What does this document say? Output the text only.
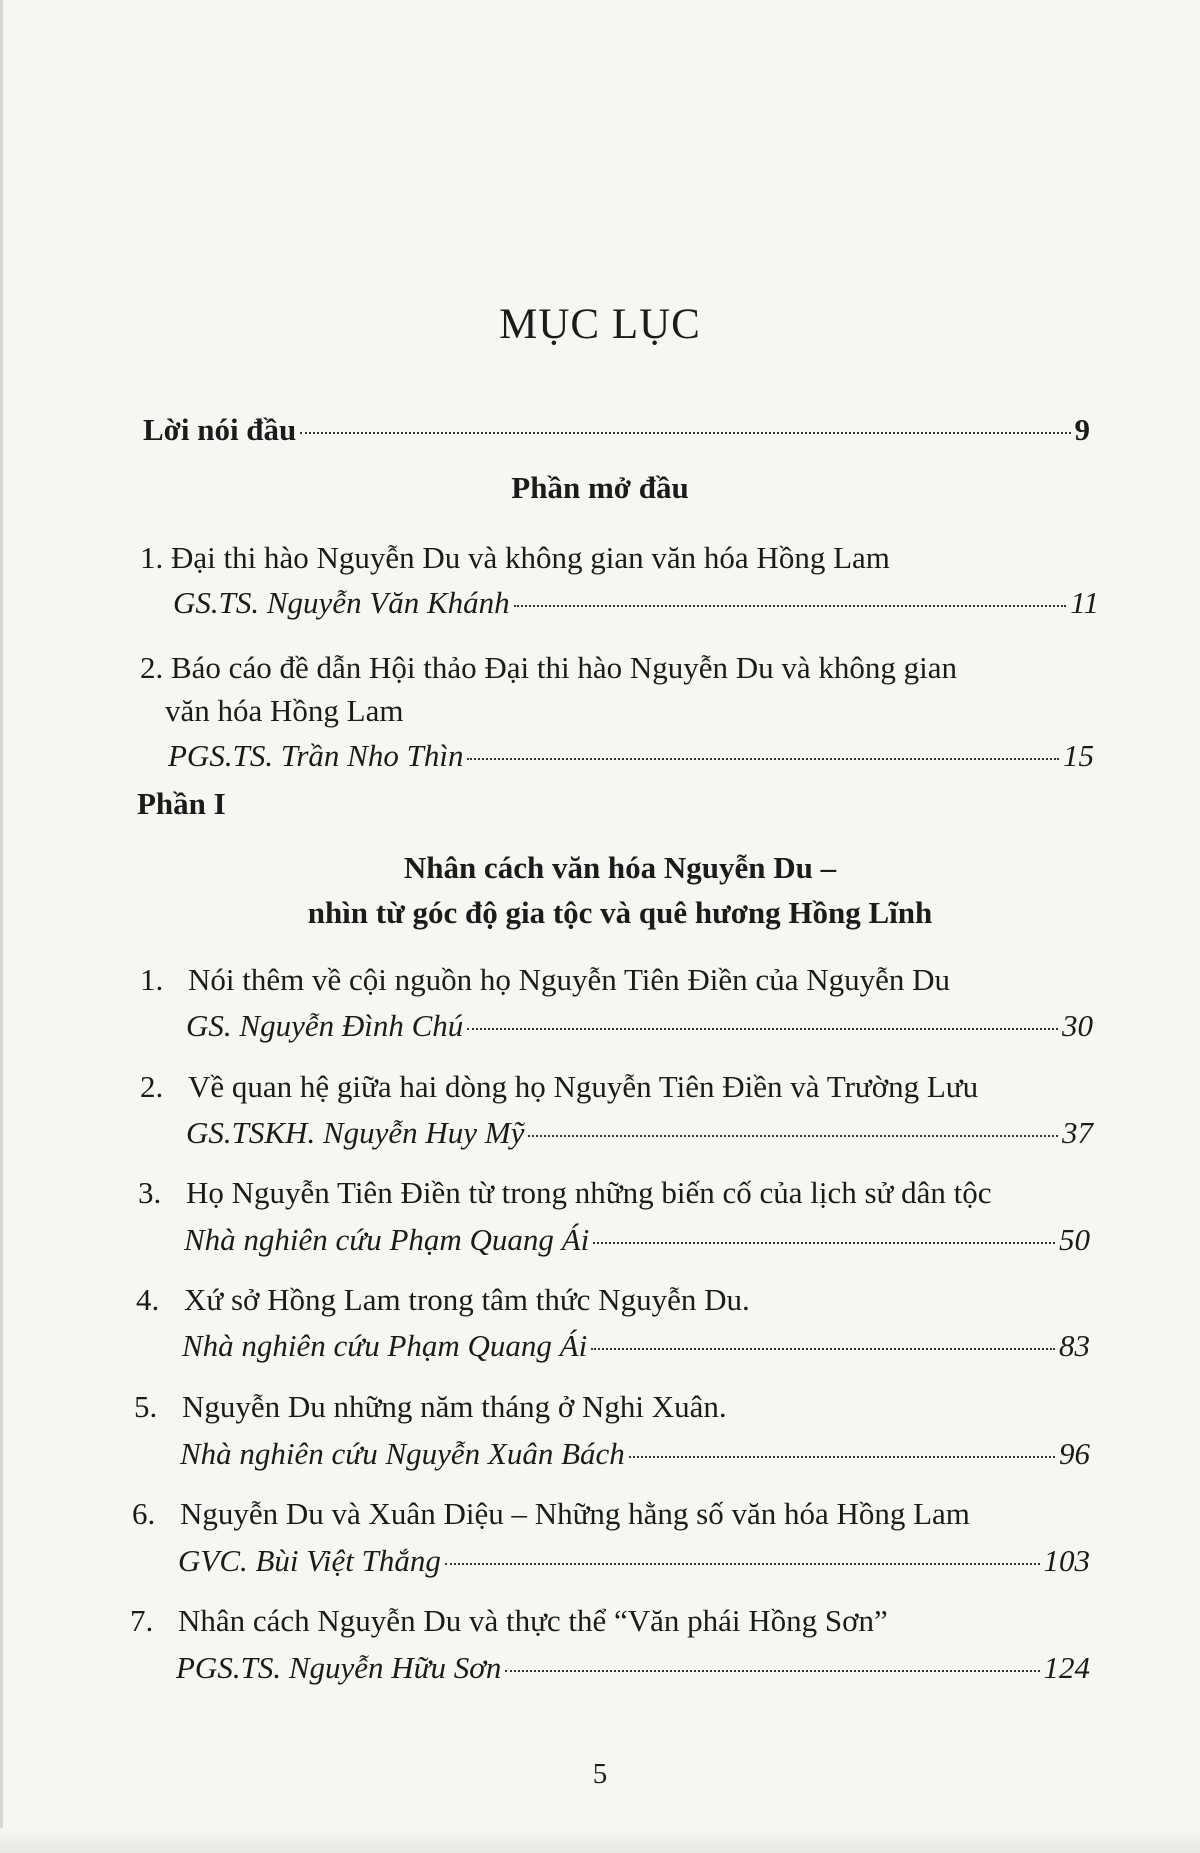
MỤC LỤC
Lời nói đầu	9
Phần mở đầu
1. Đại thi hào Nguyễn Du và không gian văn hóa Hồng Lam
GS.TS. Nguyễn Văn Khánh	11
2. Báo cáo đề dẫn Hội thảo Đại thi hào Nguyễn Du và không gian
văn hóa Hồng Lam
PGS.TS. Trần Nho Thìn	15
Phần I
Nhân cách văn hóa Nguyễn Du –
nhìn từ góc độ gia tộc và quê hương Hồng Lĩnh
1. Nói thêm về cội nguồn họ Nguyễn Tiên Điền của Nguyễn Du
GS. Nguyễn Đình Chú	30
2. Về quan hệ giữa hai dòng họ Nguyễn Tiên Điền và Trường Lưu
GS.TSKH. Nguyễn Huy Mỹ	37
3. Họ Nguyễn Tiên Điền từ trong những biến cố của lịch sử dân tộc
Nhà nghiên cứu Phạm Quang Ái	50
4. Xứ sở Hồng Lam trong tâm thức Nguyễn Du.
Nhà nghiên cứu Phạm Quang Ái	83
5. Nguyễn Du những năm tháng ở Nghi Xuân.
Nhà nghiên cứu Nguyễn Xuân Bách	96
6. Nguyễn Du và Xuân Diệu – Những hằng số văn hóa Hồng Lam
GVC. Bùi Việt Thắng	103
7. Nhân cách Nguyễn Du và thực thể “Văn phái Hồng Sơn”
PGS.TS. Nguyễn Hữu Sơn	124
5
